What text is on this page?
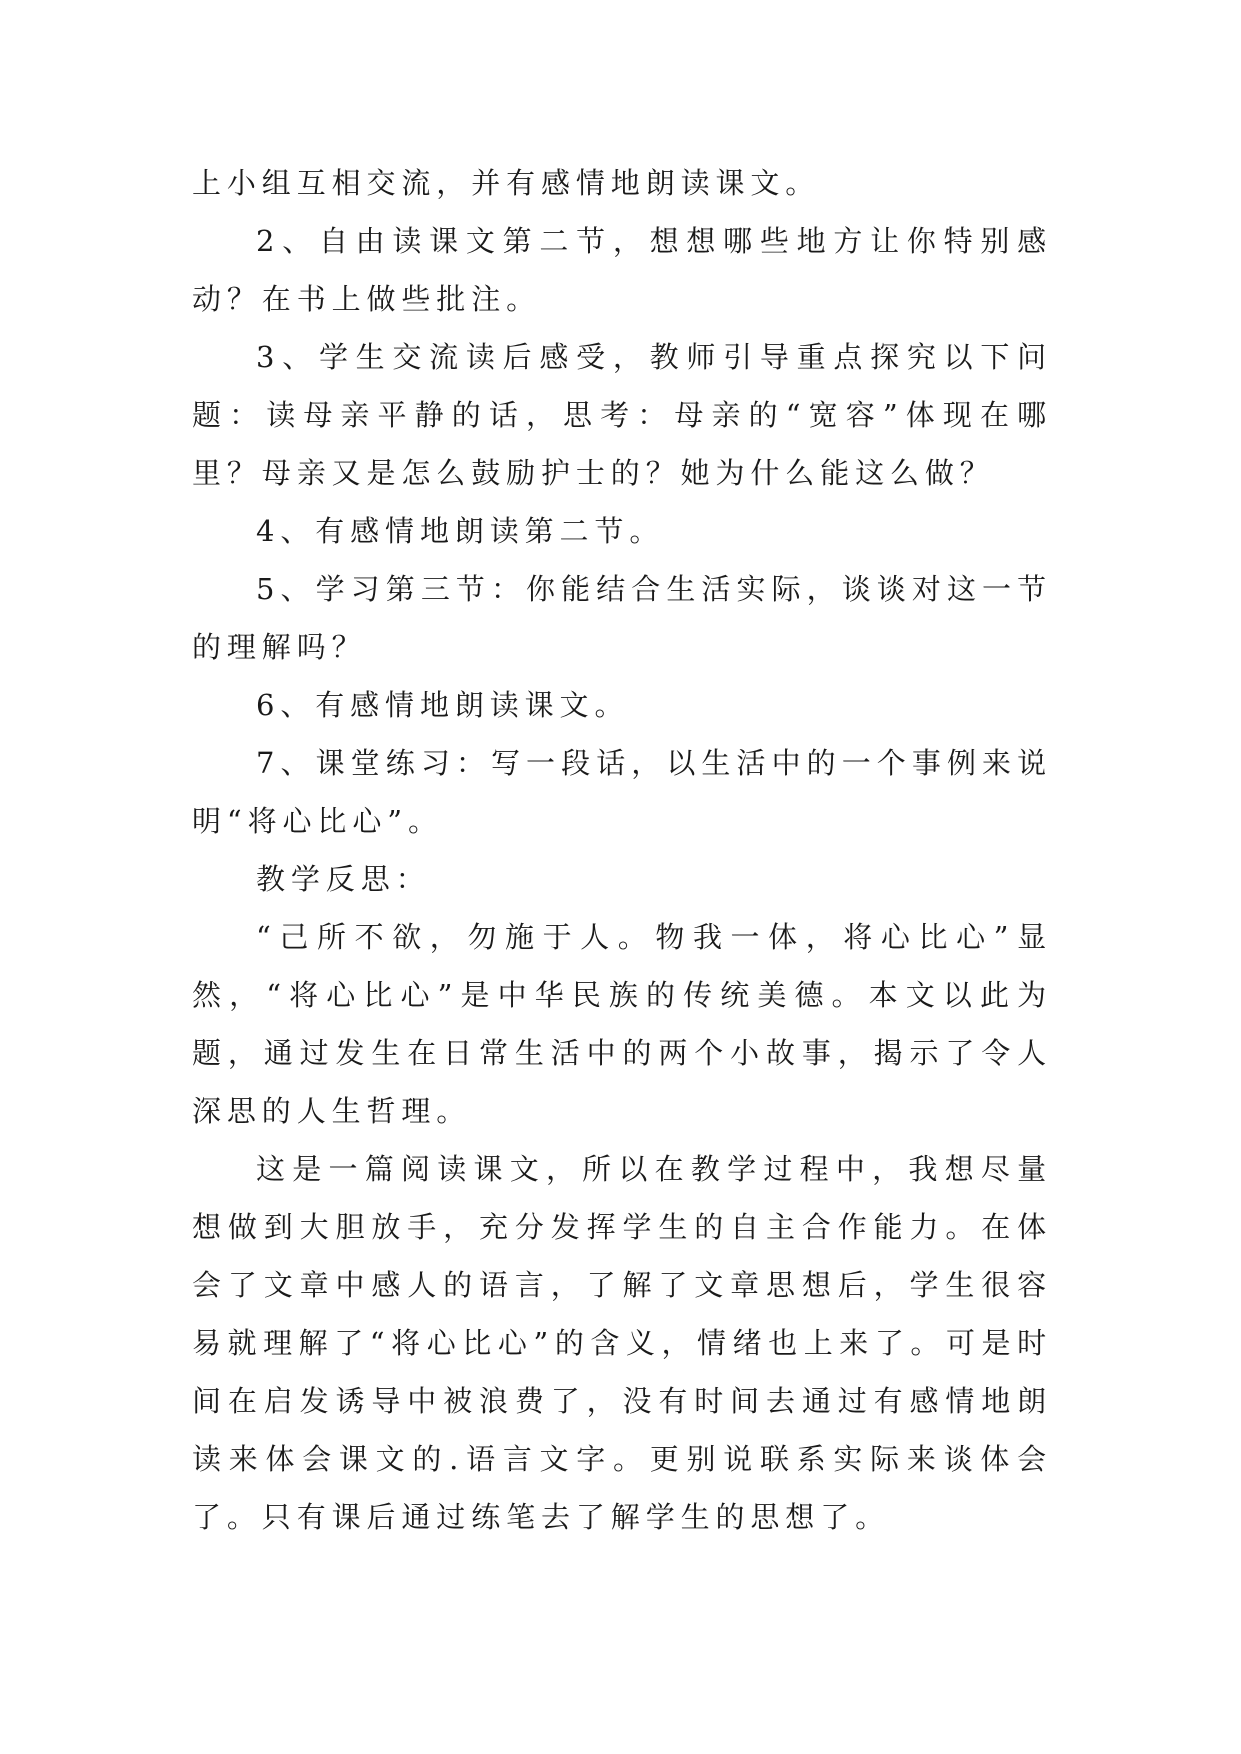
上小组互相交流，并有感情地朗读课文。

2、自由读课文第二节，想想哪些地方让你特别感动？在书上做些批注。

3、学生交流读后感受，教师引导重点探究以下问题：读母亲平静的话，思考：母亲的“宽容”体现在哪里？母亲又是怎么鼓励护士的？她为什么能这么做？

4、有感情地朗读第二节。

5、学习第三节：你能结合生活实际，谈谈对这一节的理解吗？

6、有感情地朗读课文。

7、课堂练习：写一段话，以生活中的一个事例来说明“将心比心”。

教学反思：

“己所不欲，勿施于人。物我一体，将心比心”显然，“将心比心”是中华民族的传统美德。本文以此为题，通过发生在日常生活中的两个小故事，揭示了令人深思的人生哲理。

这是一篇阅读课文，所以在教学过程中，我想尽量想做到大胆放手，充分发挥学生的自主合作能力。在体会了文章中感人的语言，了解了文章思想后，学生很容易就理解了“将心比心”的含义，情绪也上来了。可是时间在启发诱导中被浪费了，没有时间去通过有感情地朗读来体会课文的.语言文字。更别说联系实际来谈体会了。只有课后通过练笔去了解学生的思想了。
